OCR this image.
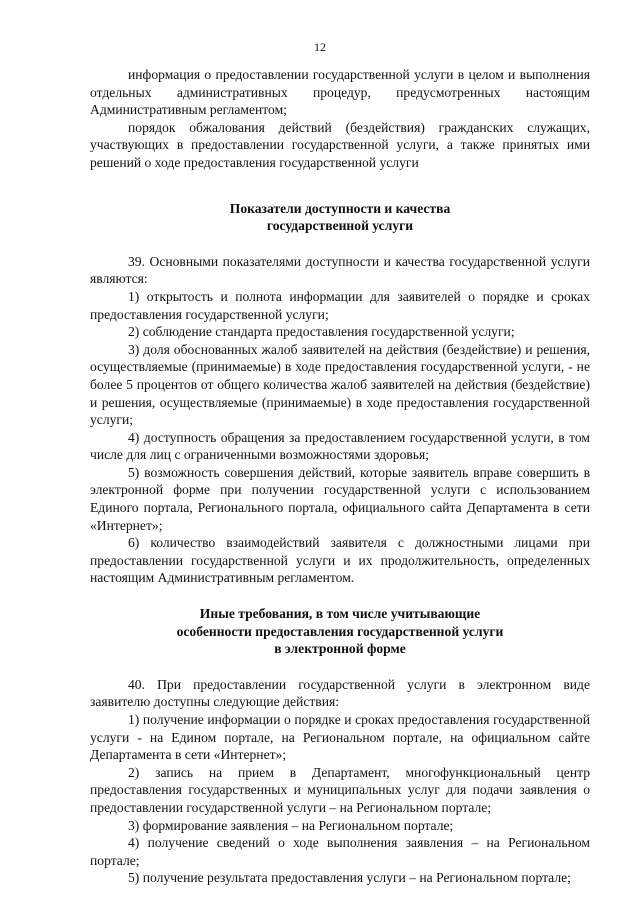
12

информация о предоставлении государственной услуги в целом и выполнения отдельных административных процедур, предусмотренных настоящим Административным регламентом;

порядок обжалования действий (бездействия) гражданских служащих, участвующих в предоставлении государственной услуги, а также принятых ими решений о ходе предоставления государственной услуги

Показатели доступности и качества
государственной услуги

39. Основными показателями доступности и качества государственной услуги являются:

1) открытость и полнота информации для заявителей о порядке и сроках предоставления государственной услуги;

2) соблюдение стандарта предоставления государственной услуги;

3) доля обоснованных жалоб заявителей на действия (бездействие) и решения, осуществляемые (принимаемые) в ходе предоставления государственной услуги, - не более 5 процентов от общего количества жалоб заявителей на действия (бездействие) и решения, осуществляемые (принимаемые) в ходе предоставления государственной услуги;

4) доступность обращения за предоставлением государственной услуги, в том числе для лиц с ограниченными возможностями здоровья;

5) возможность совершения действий, которые заявитель вправе совершить в электронной форме при получении государственной услуги с использованием Единого портала, Регионального портала, официального сайта Департамента в сети «Интернет»;

6) количество взаимодействий заявителя с должностными лицами при предоставлении государственной услуги и их продолжительность, определенных настоящим Административным регламентом.

Иные требования, в том числе учитывающие
особенности предоставления государственной услуги
в электронной форме

40. При предоставлении государственной услуги в электронном виде заявителю доступны следующие действия:

1) получение информации о порядке и сроках предоставления государственной услуги - на Едином портале, на Региональном портале, на официальном сайте Департамента в сети «Интернет»;

2) запись на прием в Департамент, многофункциональный центр предоставления государственных и муниципальных услуг для подачи заявления о предоставлении государственной услуги – на Региональном портале;

3) формирование заявления – на Региональном портале;

4) получение сведений о ходе выполнения заявления – на Региональном портале;

5) получение результата предоставления услуги – на Региональном портале;
